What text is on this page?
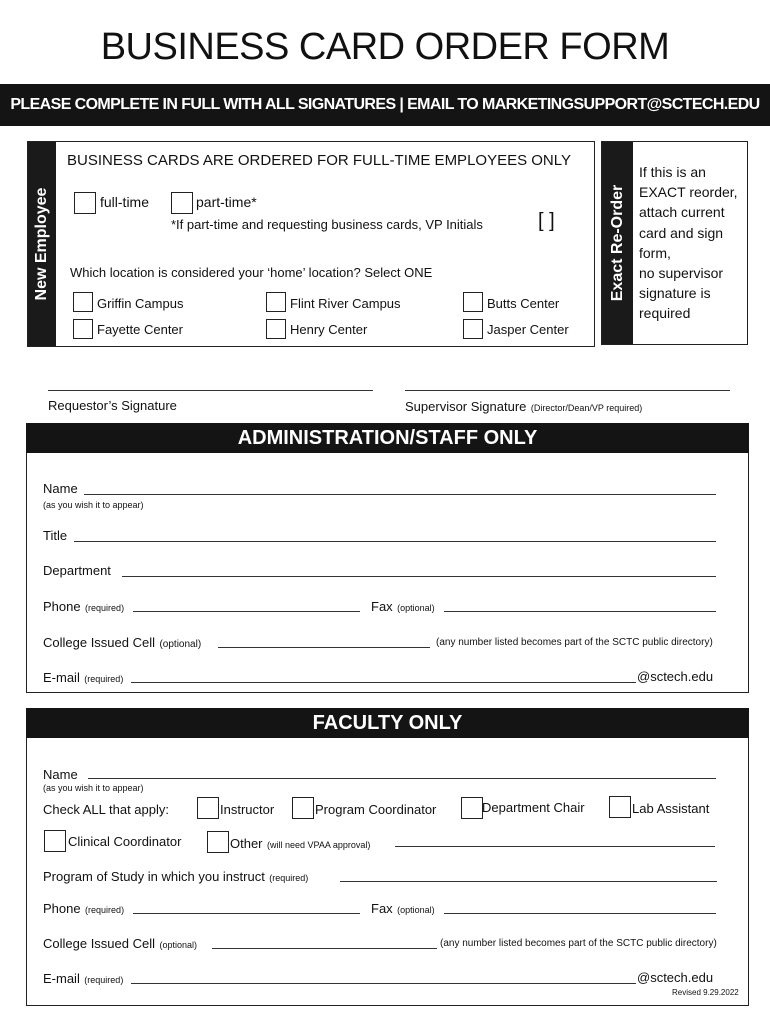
BUSINESS CARD ORDER FORM
PLEASE COMPLETE IN FULL WITH ALL SIGNATURES | EMAIL TO MARKETINGSUPPORT@SCTECH.EDU
New Employee
BUSINESS CARDS ARE ORDERED FOR FULL-TIME EMPLOYEES ONLY
full-time	part-time*
*If part-time and requesting business cards, VP Initials	[ ]
Which location is considered your ‘home’ location? Select ONE
Griffin Campus	Flint River Campus	Butts Center
Fayette Center	Henry Center	Jasper Center
Exact Re-Order
If this is an
EXACT reorder,
attach current
card and sign
form,
no supervisor
signature is
required
Requestor’s Signature	Supervisor Signature (Director/Dean/VP required)
ADMINISTRATION/STAFF ONLY
Name
(as you wish it to appear)
Title
Department
Phone (required)	Fax (optional)
College Issued Cell (optional)	(any number listed becomes part of the SCTC public directory)
E-mail (required)	@sctech.edu
FACULTY ONLY
Name
(as you wish it to appear)
Check ALL that apply:	Instructor	Program Coordinator	Department Chair	Lab Assistant
Clinical Coordinator	Other (will need VPAA approval)
Program of Study in which you instruct (required)
Phone (required)	Fax (optional)
College Issued Cell (optional)	(any number listed becomes part of the SCTC public directory)
E-mail (required)	@sctech.edu
Revised 9.29.2022
